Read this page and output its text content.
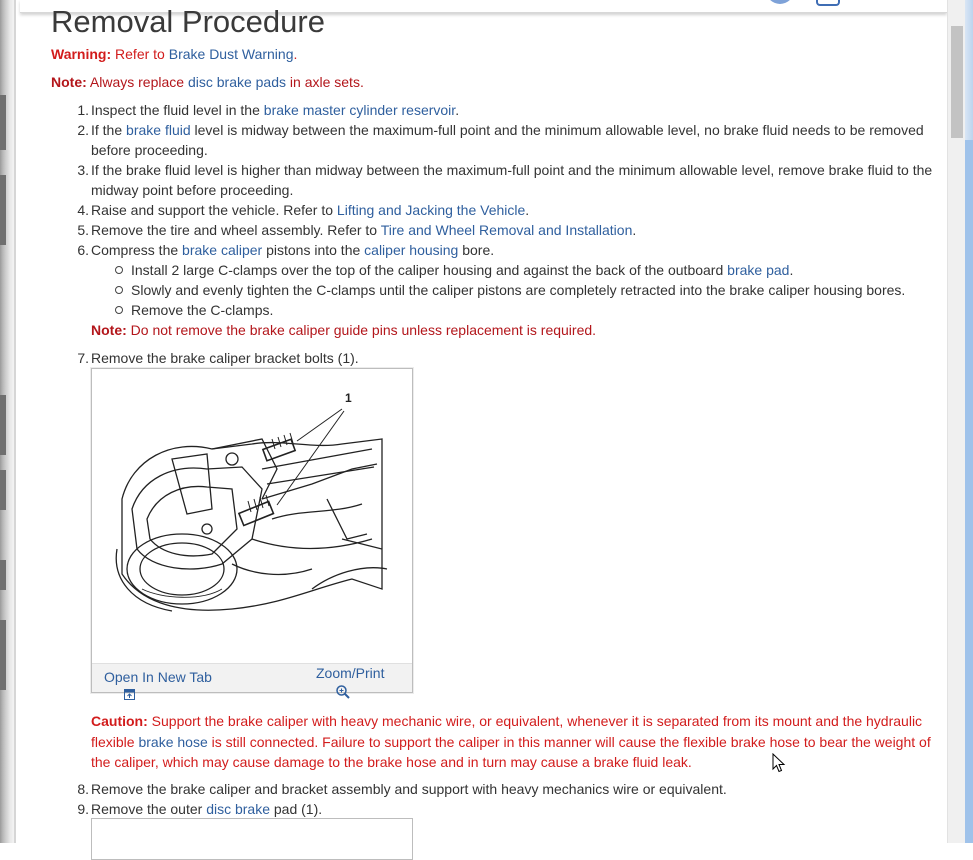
Removal Procedure
Warning: Refer to Brake Dust Warning.
Note: Always replace disc brake pads in axle sets.
1. Inspect the fluid level in the brake master cylinder reservoir.
2. If the brake fluid level is midway between the maximum-full point and the minimum allowable level, no brake fluid needs to be removed before proceeding.
3. If the brake fluid level is higher than midway between the maximum-full point and the minimum allowable level, remove brake fluid to the midway point before proceeding.
4. Raise and support the vehicle. Refer to Lifting and Jacking the Vehicle.
5. Remove the tire and wheel assembly. Refer to Tire and Wheel Removal and Installation.
6. Compress the brake caliper pistons into the caliper housing bore.
Install 2 large C-clamps over the top of the caliper housing and against the back of the outboard brake pad.
Slowly and evenly tighten the C-clamps until the caliper pistons are completely retracted into the brake caliper housing bores.
Remove the C-clamps.
Note: Do not remove the brake caliper guide pins unless replacement is required.
7. Remove the brake caliper bracket bolts (1).
1
Open In New Tab	Zoom/Print
Caution: Support the brake caliper with heavy mechanic wire, or equivalent, whenever it is separated from its mount and the hydraulic flexible brake hose is still connected. Failure to support the caliper in this manner will cause the flexible brake hose to bear the weight of the caliper, which may cause damage to the brake hose and in turn may cause a brake fluid leak.
8. Remove the brake caliper and bracket assembly and support with heavy mechanics wire or equivalent.
9. Remove the outer disc brake pad (1).
